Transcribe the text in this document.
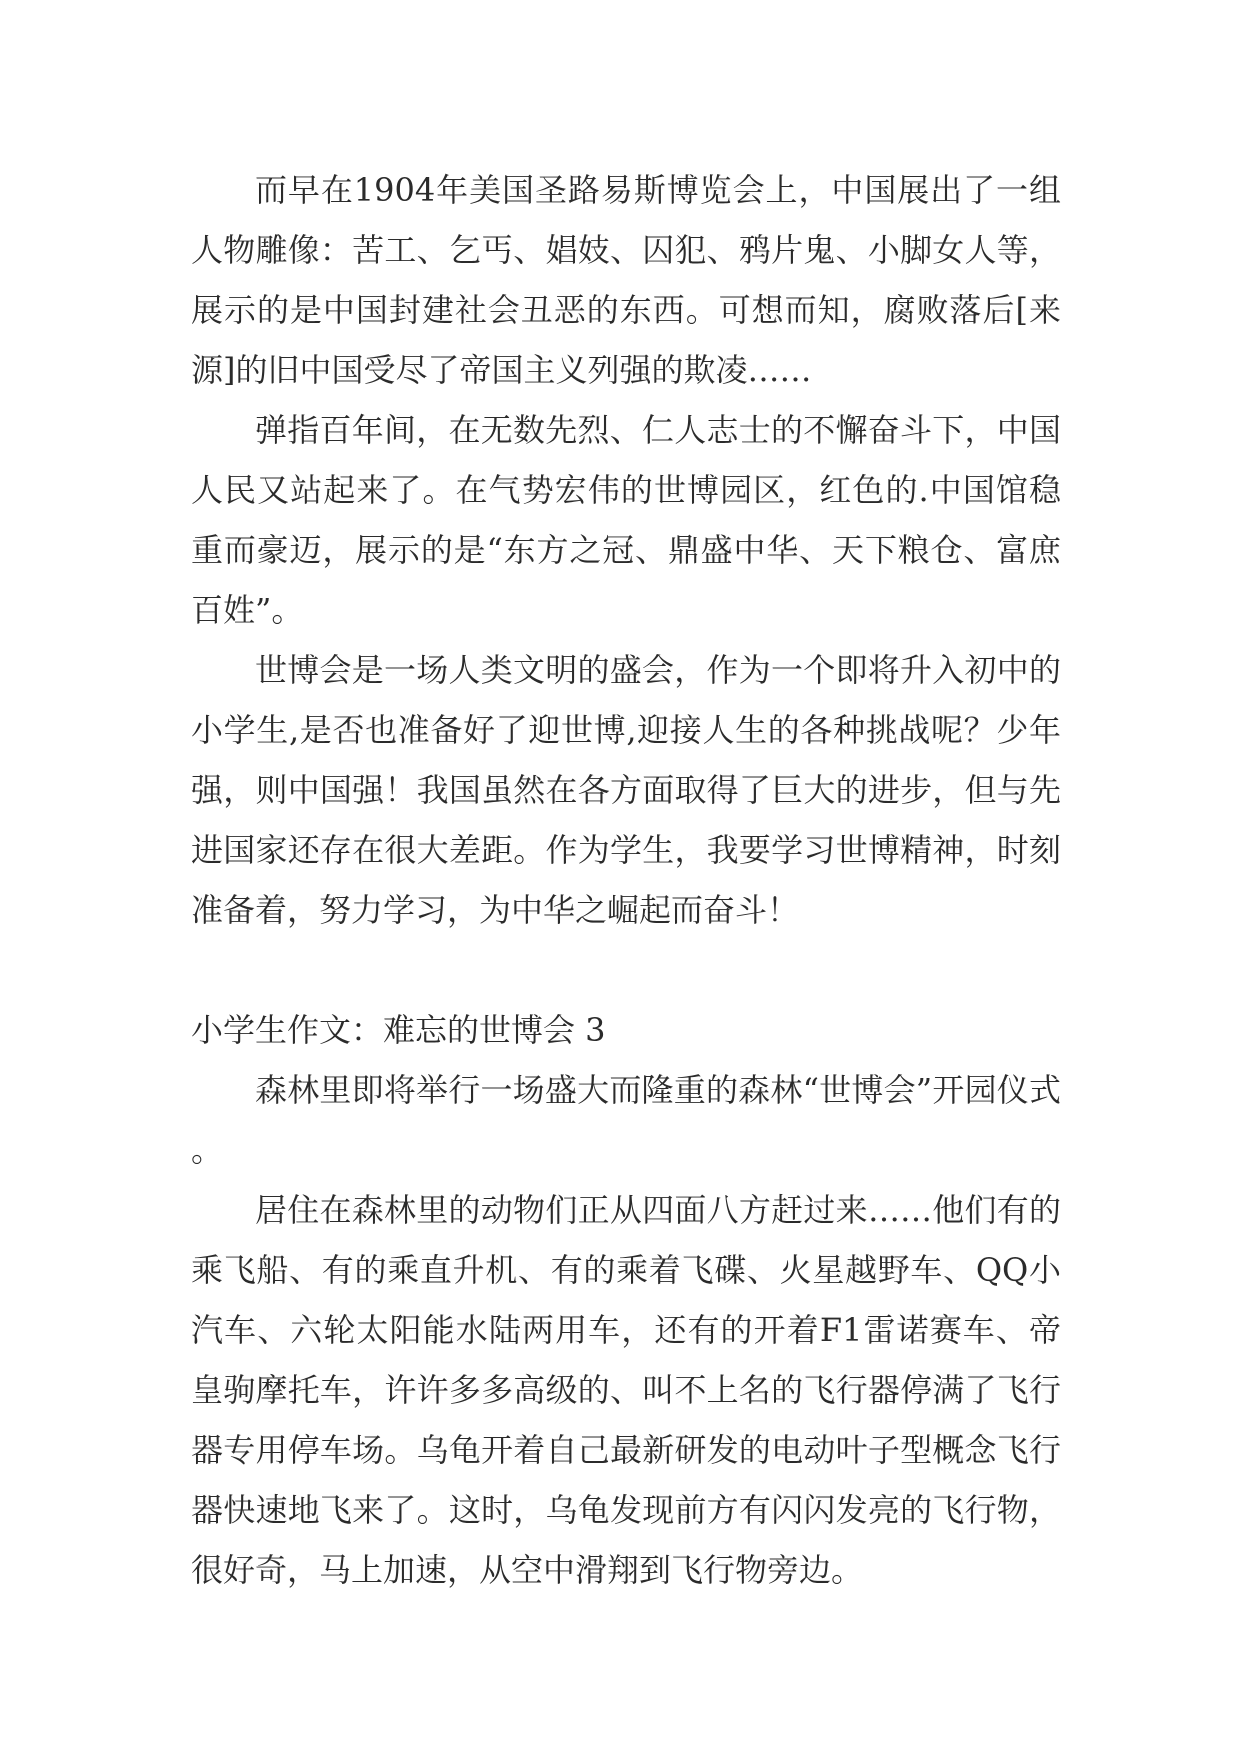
而早在1904年美国圣路易斯博览会上，中国展出了一组人物雕像：苦工、乞丐、娼妓、囚犯、鸦片鬼、小脚女人等，展示的是中国封建社会丑恶的东西。可想而知，腐败落后[来源]的旧中国受尽了帝国主义列强的欺凌……

弹指百年间，在无数先烈、仁人志士的不懈奋斗下，中国人民又站起来了。在气势宏伟的世博园区，红色的.中国馆稳重而豪迈，展示的是“东方之冠、鼎盛中华、天下粮仓、富庶百姓”。

世博会是一场人类文明的盛会，作为一个即将升入初中的小学生,是否也准备好了迎世博,迎接人生的各种挑战呢？少年强，则中国强！我国虽然在各方面取得了巨大的进步，但与先进国家还存在很大差距。作为学生，我要学习世博精神，时刻准备着，努力学习，为中华之崛起而奋斗！

小学生作文：难忘的世博会 3

森林里即将举行一场盛大而隆重的森林“世博会”开园仪式。

居住在森林里的动物们正从四面八方赶过来……他们有的乘飞船、有的乘直升机、有的乘着飞碟、火星越野车、QQ小汽车、六轮太阳能水陆两用车，还有的开着F1雷诺赛车、帝皇驹摩托车，许许多多高级的、叫不上名的飞行器停满了飞行器专用停车场。乌龟开着自己最新研发的电动叶子型概念飞行器快速地飞来了。这时，乌龟发现前方有闪闪发亮的飞行物，很好奇，马上加速，从空中滑翔到飞行物旁边。
